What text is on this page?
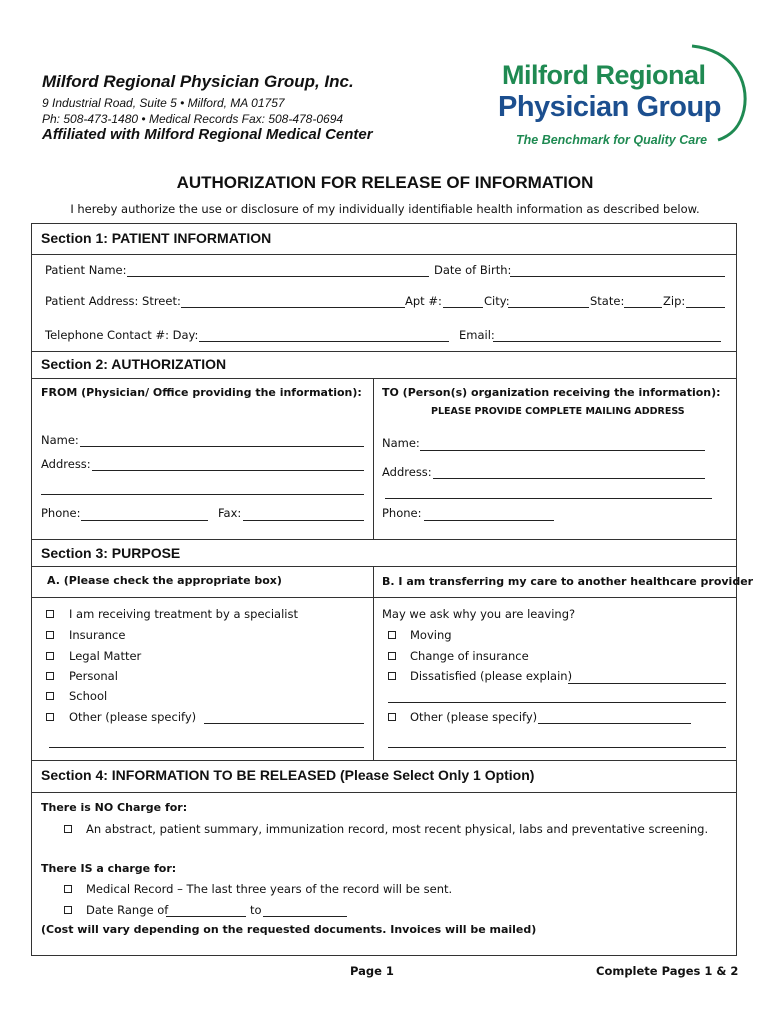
Milford Regional Physician Group, Inc.
9 Industrial Road, Suite 5 • Milford, MA 01757
Ph: 508-473-1480 • Medical Records Fax: 508-478-0694
Affiliated with Milford Regional Medical Center
Milford Regional
Physician Group
The Benchmark for Quality Care
AUTHORIZATION FOR RELEASE OF INFORMATION
I hereby authorize the use or disclosure of my individually identifiable health information as described below.
Section 1: PATIENT INFORMATION
Patient Name:	Date of Birth:
Patient Address: Street:	Apt #:	City:	State:	Zip:
Telephone Contact #: Day:	Email:
Section 2: AUTHORIZATION
FROM (Physician/ Office providing the information): TO (Person(s) organization receiving the information):
PLEASE PROVIDE COMPLETE MAILING ADDRESS
Name:
Address:
Phone:	Fax:
Name:
Address:
Phone:
Section 3: PURPOSE
A. (Please check the appropriate box)	B. I am transferring my care to another healthcare provider
I am receiving treatment by a specialist
Insurance
Legal Matter
Personal
School
Other (please specify)
May we ask why you are leaving?
Moving
Change of insurance
Dissatisfied (please explain)
Other (please specify)
Section 4: INFORMATION TO BE RELEASED (Please Select Only 1 Option)
There is NO Charge for:
An abstract, patient summary, immunization record, most recent physical, labs and preventative screening.
There IS a charge for:
Medical Record – The last three years of the record will be sent.
Date Range of	to
(Cost will vary depending on the requested documents. Invoices will be mailed)
Page 1	Complete Pages 1 & 2
